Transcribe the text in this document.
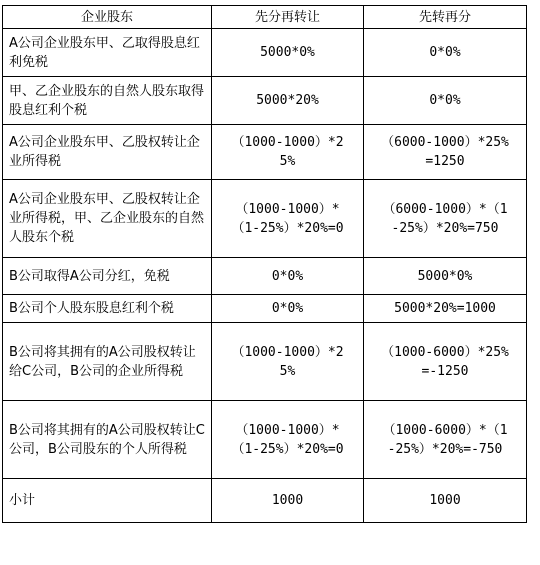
企业股东	先分再转让	先转再分
A公司企业股东甲、乙取得股息红利免税	5000*0%	0*0%
甲、乙企业股东的自然人股东取得股息红利个税	5000*20%	0*0%
A公司企业股东甲、乙股权转让企业所得税	（1000-1000）*25%	（6000-1000）*25%=1250
A公司企业股东甲、乙股权转让企业所得税，甲、乙企业股东的自然人股东个税	（1000-1000）*（1-25%）*20%=0	（6000-1000）*（1-25%）*20%=750
B公司取得A公司分红，免税	0*0%	5000*0%
B公司个人股东股息红利个税	0*0%	5000*20%=1000
B公司将其拥有的A公司股权转让给C公司，B公司的企业所得税	（1000-1000）*25%	（1000-6000）*25%=-1250
B公司将其拥有的A公司股权转让C公司，B公司股东的个人所得税	（1000-1000）*（1-25%）*20%=0	（1000-6000）*（1-25%）*20%=-750
小计	1000	1000
